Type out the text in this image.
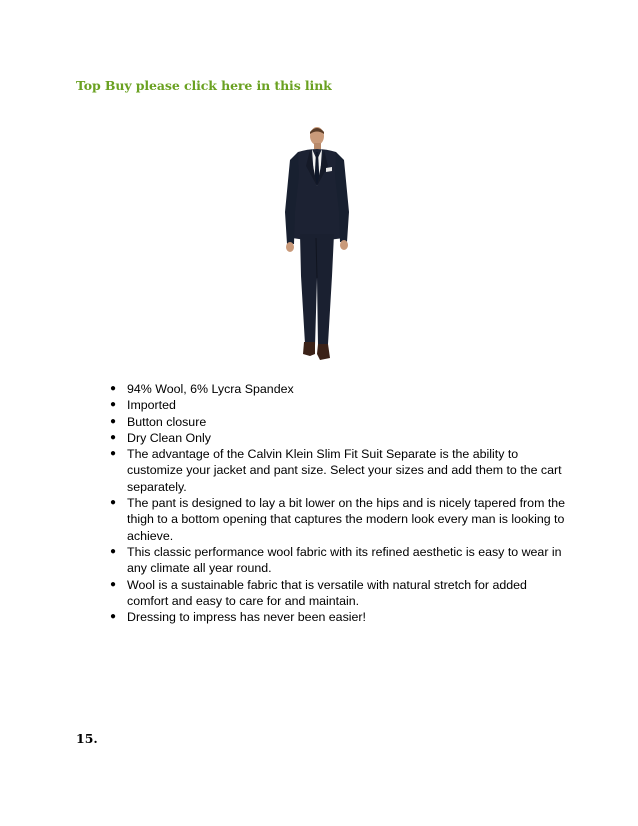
Top Buy please click here in this link
● 94% Wool, 6% Lycra Spandex
● Imported
● Button closure
● Dry Clean Only
● The advantage of the Calvin Klein Slim Fit Suit Separate is the ability to customize your jacket and pant size. Select your sizes and add them to the cart separately.
● The pant is designed to lay a bit lower on the hips and is nicely tapered from the thigh to a bottom opening that captures the modern look every man is looking to achieve.
● This classic performance wool fabric with its refined aesthetic is easy to wear in any climate all year round.
● Wool is a sustainable fabric that is versatile with natural stretch for added comfort and easy to care for and maintain.
● Dressing to impress has never been easier!
15.
